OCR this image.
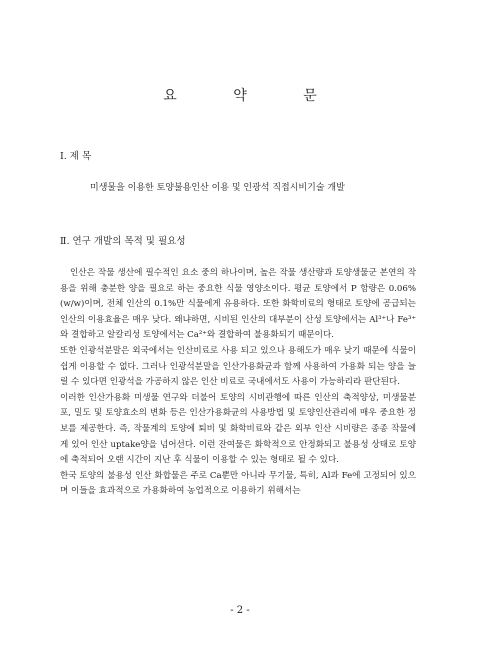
요 약 문
Ⅰ. 제 목
미생물을 이용한 토양불용인산 이용 및 인광석 직접시비기술 개발
Ⅱ. 연구 개발의 목적 및 필요성

인산은 작물 생산에 필수적인 요소 중의 하나이며, 높은 작물 생산량과 토양생물군 본연의 작용을 위해 충분한 양을 필요로 하는 중요한 식물 영양소이다. 평균 토양에서 P 함량은 0.06%(w/w)이며, 전체 인산의 0.1%만 식물에게 유용하다. 또한 화학비료의 형태로 토양에 공급되는 인산의 이용효율은 매우 낮다. 왜냐하면, 시비된 인산의 대부분이 산성 토양에서는 Al³⁺나 Fe³⁺와 결합하고 알칼리성 토양에서는 Ca²⁺와 결합하여 불용화되기 때문이다.

또한 인광석분말은 외국에서는 인산비료로 사용 되고 있으나 용해도가 매우 낮기 때문에 식물이 쉽게 이용할 수 없다. 그러나 인광석분말을 인산가용화균과 함께 사용하여 가용화 되는 양을 늘릴 수 있다면 인광석을 가공하지 않은 인산 비료로 국내에서도 사용이 가능하리라 판단된다.

이러한 인산가용화 미생물 연구와 더불어 토양의 시비관행에 따른 인산의 축적양상, 미생물분포, 밀도 및 토양효소의 변화 등은 인산가용화균의 사용방법 및 토양인산관리에 매우 중요한 정보를 제공한다. 즉, 작물계의 토양에 퇴비 및 화학비료와 같은 외부 인산 시비량은 종종 작물에게 있어 인산 uptake양을 넘어선다. 이런 잔여물은 화학적으로 안정화되고 불용성 상태로 토양에 축적되어 오랜 시간이 지난 후 식물이 이용할 수 있는 형태로 될 수 있다.

한국 토양의 불용성 인산 화합물은 주로 Ca뿐만 아니라 무기물, 특히, Al과 Fe에 고정되어 있으며 이들을 효과적으로 가용화하여 농업적으로 이용하기 위해서는

- 2 -
